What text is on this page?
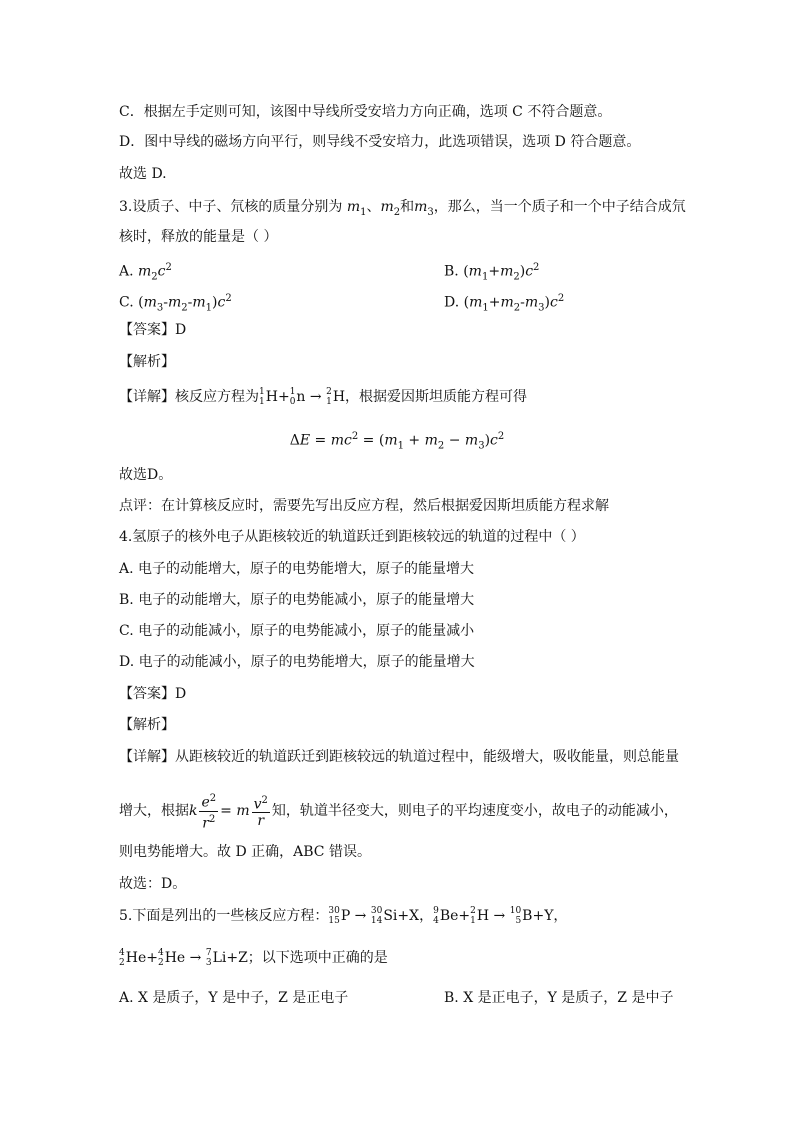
C．根据左手定则可知，该图中导线所受安培力方向正确，选项 C 不符合题意。
D．图中导线的磁场方向平行，则导线不受安培力，此选项错误，选项 D 符合题意。
故选 D.
3.设质子、中子、氘核的质量分别为 $m_1$、$m_2$和$m_3$，那么，当一个质子和一个中子结合成氘
核时，释放的能量是（ ）
A. $m_2c^2$	B. $(m_1+m_2)c^2$
C. $(m_3-m_2-m_1)c^2$	D. $(m_1+m_2-m_3)c^2$
【答案】D
【解析】
【详解】核反应方程为 1
1 H+ 1
0 n → 2
1 H，根据爱因斯坦质能方程可得
$\Delta E = mc^2 = (m_1 + m_2 - m_3)c^2$
故选D。
点评：在计算核反应时，需要先写出反应方程，然后根据爱因斯坦质能方程求解
4.氢原子的核外电子从距核较近的轨道跃迁到距核较远的轨道的过程中（ ）
A. 电子的动能增大，原子的电势能增大，原子的能量增大
B. 电子的动能增大，原子的电势能减小，原子的能量增大
C. 电子的动能减小，原子的电势能减小，原子的能量减小
D. 电子的动能减小，原子的电势能增大，原子的能量增大
【答案】D
【解析】
【详解】从距核较近的轨道跃迁到距核较远的轨道过程中，能级增大，吸收能量，则总能量
增大，根据k $\frac{e^2}{r^2} = m \frac{v^2}{r}$ 知，轨道半径变大，则电子的平均速度变小，故电子的动能减小，
则电势能增大。故 D 正确，ABC 错误。
故选：D。
5.下面是列出的一些核反应方程： 30
15 P → 30
14 Si+X， 9
4 Be+ 2
1 H → 10
5 B+Y，
4
2 He+ 4
2 He → 7
3 Li+Z；以下选项中正确的是
A. X 是质子，Y 是中子，Z 是正电子	B. X 是正电子，Y 是质子，Z 是中子
